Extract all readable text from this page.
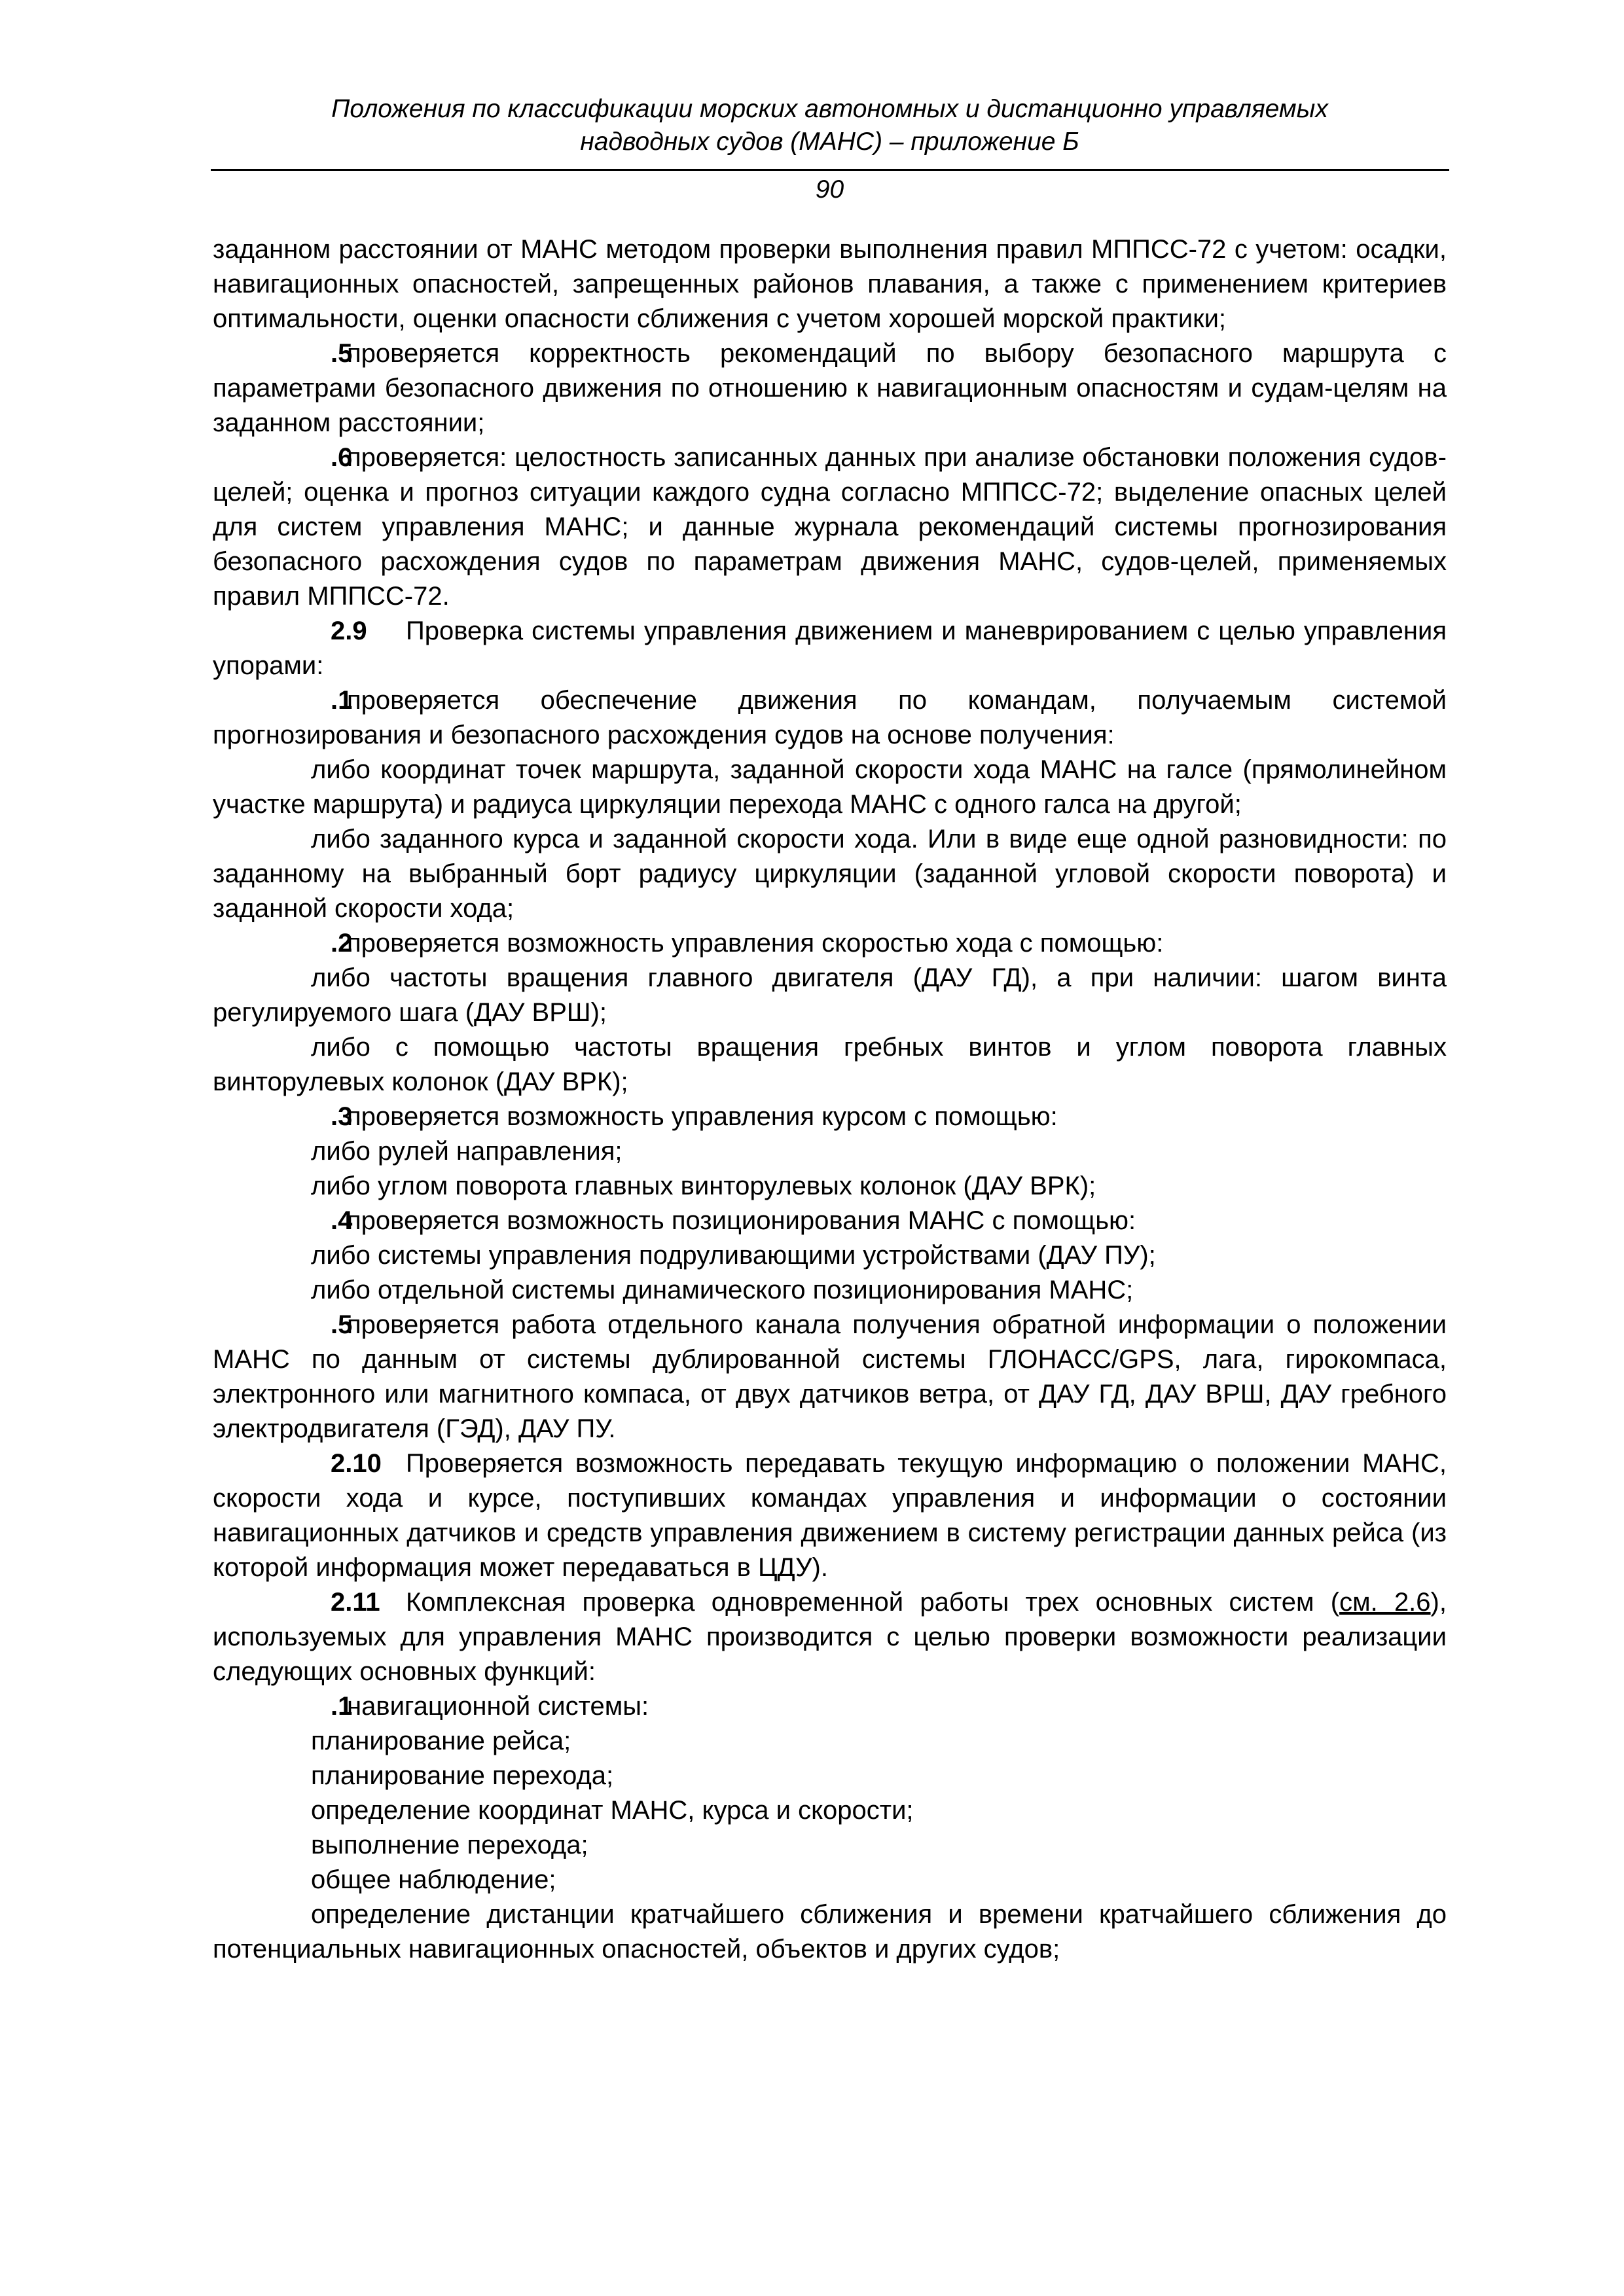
Положения по классификации морских автономных и дистанционно управляемых
надводных судов (МАНС) – приложение Б
90

заданном расстоянии от МАНС методом проверки выполнения правил МППСС-72 с учетом: осадки, навигационных опасностей, запрещенных районов плавания, а также с применением критериев оптимальности, оценки опасности сближения с учетом хорошей морской практики;

.5проверяется корректность рекомендаций по выбору безопасного маршрута с параметрами безопасного движения по отношению к навигационным опасностям и судам-целям на заданном расстоянии;

.6проверяется: целостность записанных данных при анализе обстановки положения судов-целей; оценка и прогноз ситуации каждого судна согласно МППСС-72; выделение опасных целей для систем управления МАНС; и данные журнала рекомендаций системы прогнозирования безопасного расхождения судов по параметрам движения МАНС, судов-целей, применяемых правил МППСС-72.

2.9 Проверка системы управления движением и маневрированием с целью управления упорами:

.1проверяется обеспечение движения по командам, получаемым системой прогнозирования и безопасного расхождения судов на основе получения:

либо координат точек маршрута, заданной скорости хода МАНС на галсе (прямолинейном участке маршрута) и радиуса циркуляции перехода МАНС с одного галса на другой;

либо заданного курса и заданной скорости хода. Или в виде еще одной разновидности: по заданному на выбранный борт радиусу циркуляции (заданной угловой скорости поворота) и заданной скорости хода;

.2проверяется возможность управления скоростью хода с помощью:

либо частоты вращения главного двигателя (ДАУ ГД), а при наличии: шагом винта регулируемого шага (ДАУ ВРШ);

либо с помощью частоты вращения гребных винтов и углом поворота главных винторулевых колонок (ДАУ ВРК);

.3проверяется возможность управления курсом с помощью:

либо рулей направления;

либо углом поворота главных винторулевых колонок (ДАУ ВРК);

.4проверяется возможность позиционирования МАНС с помощью:

либо системы управления подруливающими устройствами (ДАУ ПУ);

либо отдельной системы динамического позиционирования МАНС;

.5проверяется работа отдельного канала получения обратной информации о положении МАНС по данным от системы дублированной системы ГЛОНАСС/GPS, лага, гирокомпаса, электронного или магнитного компаса, от двух датчиков ветра, от ДАУ ГД, ДАУ ВРШ, ДАУ гребного электродвигателя (ГЭД), ДАУ ПУ.

2.10 Проверяется возможность передавать текущую информацию о положении МАНС, скорости хода и курсе, поступивших командах управления и информации о состоянии навигационных датчиков и средств управления движением в систему регистрации данных рейса (из которой информация может передаваться в ЦДУ).

2.11 Комплексная проверка одновременной работы трех основных систем (см. 2.6), используемых для управления МАНС производится с целью проверки возможности реализации следующих основных функций:

.1навигационной системы:

планирование рейса;

планирование перехода;

определение координат МАНС, курса и скорости;

выполнение перехода;

общее наблюдение;

определение дистанции кратчайшего сближения и времени кратчайшего сближения до потенциальных навигационных опасностей, объектов и других судов;
